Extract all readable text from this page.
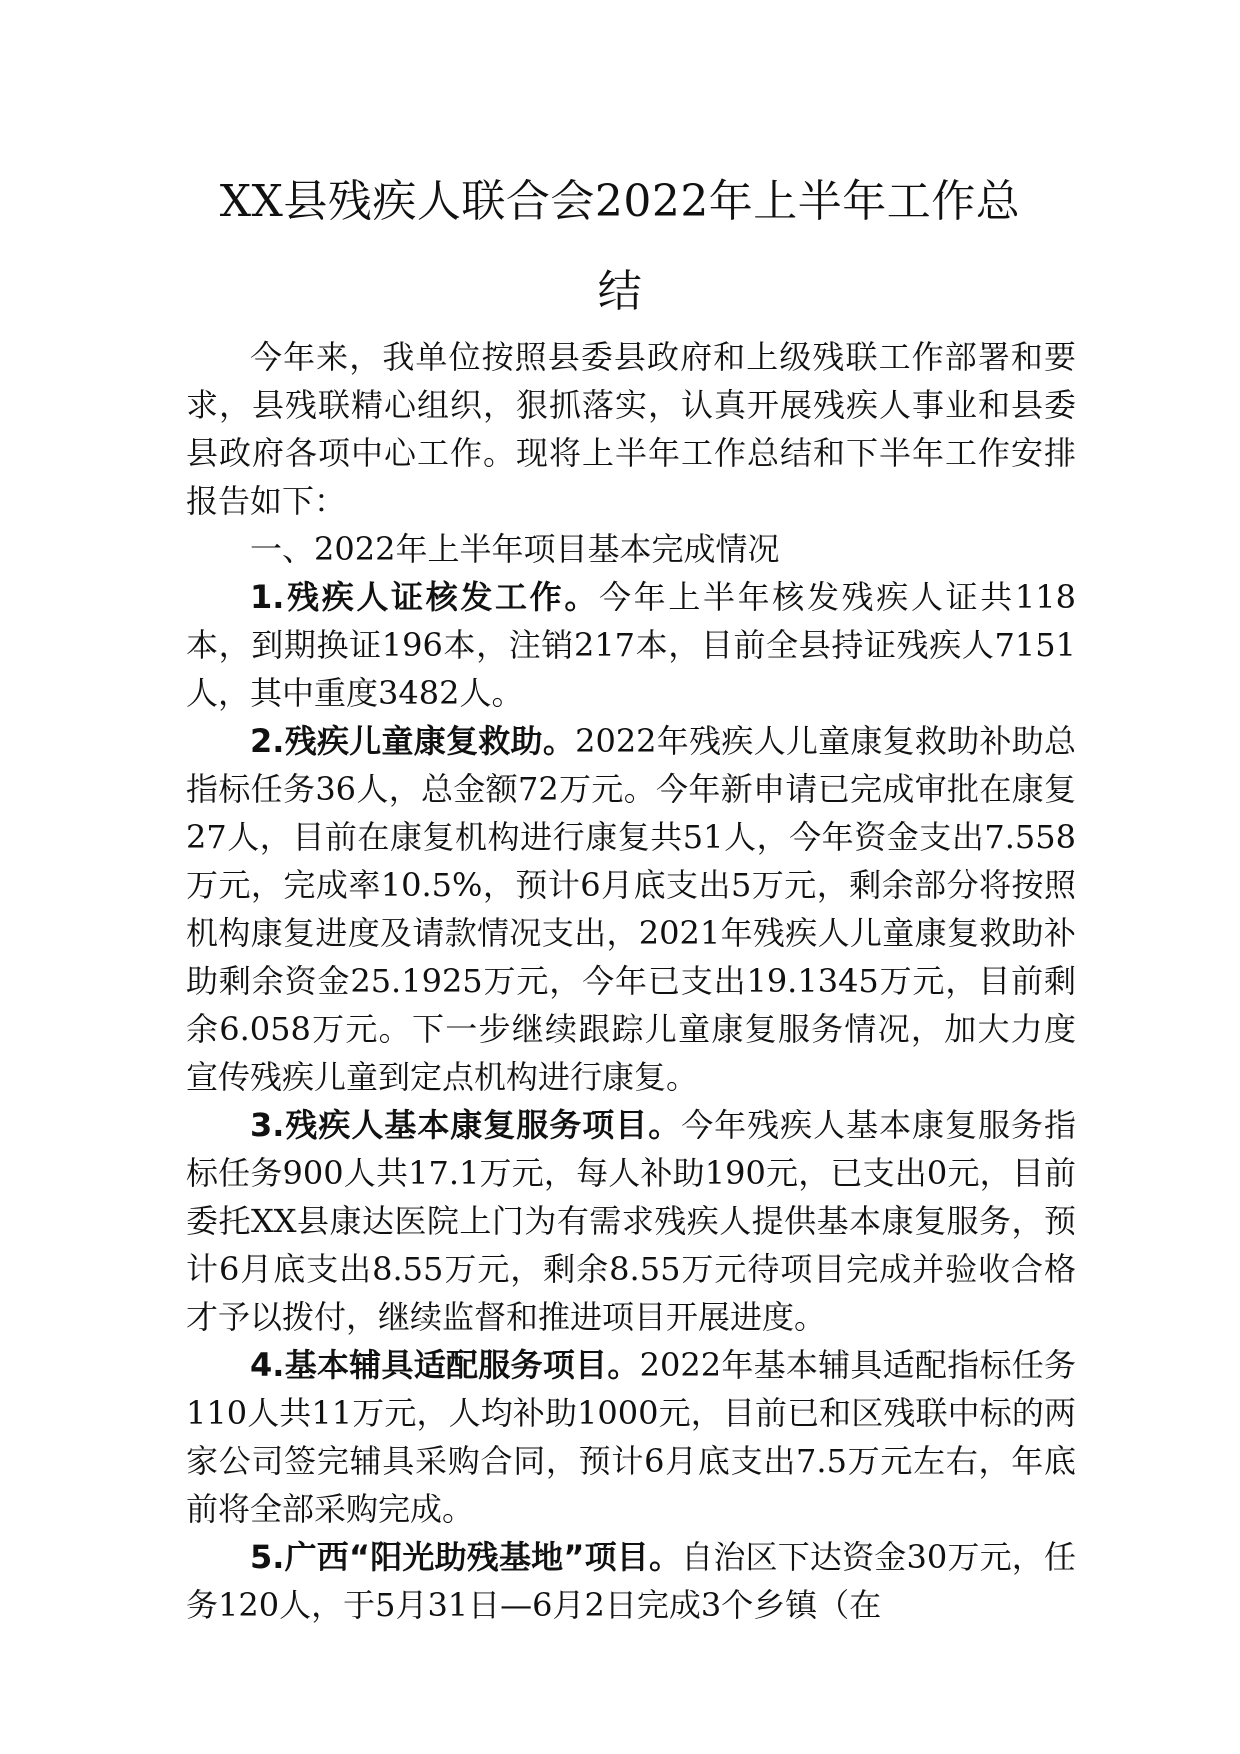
XX县残疾人联合会2022年上半年工作总
结

今年来，我单位按照县委县政府和上级残联工作部署和要求，县残联精心组织，狠抓落实，认真开展残疾人事业和县委县政府各项中心工作。现将上半年工作总结和下半年工作安排报告如下：

一、2022年上半年项目基本完成情况

1.残疾人证核发工作。今年上半年核发残疾人证共118本，到期换证196本，注销217本，目前全县持证残疾人7151人，其中重度3482人。

2.残疾儿童康复救助。2022年残疾人儿童康复救助补助总指标任务36人，总金额72万元。今年新申请已完成审批在康复27人，目前在康复机构进行康复共51人，今年资金支出7.558万元，完成率10.5%，预计6月底支出5万元，剩余部分将按照机构康复进度及请款情况支出，2021年残疾人儿童康复救助补助剩余资金25.1925万元，今年已支出19.1345万元，目前剩余6.058万元。下一步继续跟踪儿童康复服务情况，加大力度宣传残疾儿童到定点机构进行康复。

3.残疾人基本康复服务项目。今年残疾人基本康复服务指标任务900人共17.1万元，每人补助190元，已支出0元，目前委托XX县康达医院上门为有需求残疾人提供基本康复服务，预计6月底支出8.55万元，剩余8.55万元待项目完成并验收合格才予以拨付，继续监督和推进项目开展进度。

4.基本辅具适配服务项目。2022年基本辅具适配指标任务110人共11万元，人均补助1000元，目前已和区残联中标的两家公司签完辅具采购合同，预计6月底支出7.5万元左右，年底前将全部采购完成。

5.广西“阳光助残基地”项目。自治区下达资金30万元，任务120人，于5月31日—6月2日完成3个乡镇（在
